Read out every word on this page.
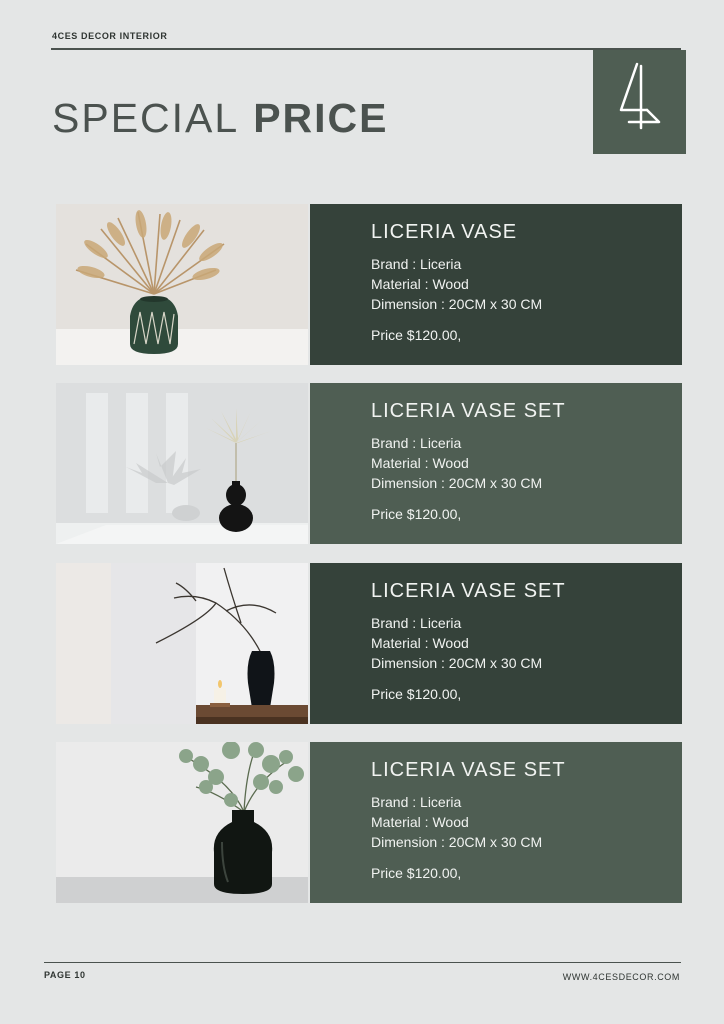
4CES DECOR INTERIOR
SPECIAL PRICE
LICERIA VASE
Brand : Liceria
Material : Wood
Dimension : 20CM x 30 CM
Price $120.00,
LICERIA VASE SET
Brand : Liceria
Material : Wood
Dimension : 20CM x 30 CM
Price $120.00,
LICERIA VASE SET
Brand : Liceria
Material : Wood
Dimension : 20CM x 30 CM
Price $120.00,
LICERIA VASE SET
Brand : Liceria
Material : Wood
Dimension : 20CM x 30 CM
Price $120.00,
PAGE 10	WWW.4CESDECOR.COM
